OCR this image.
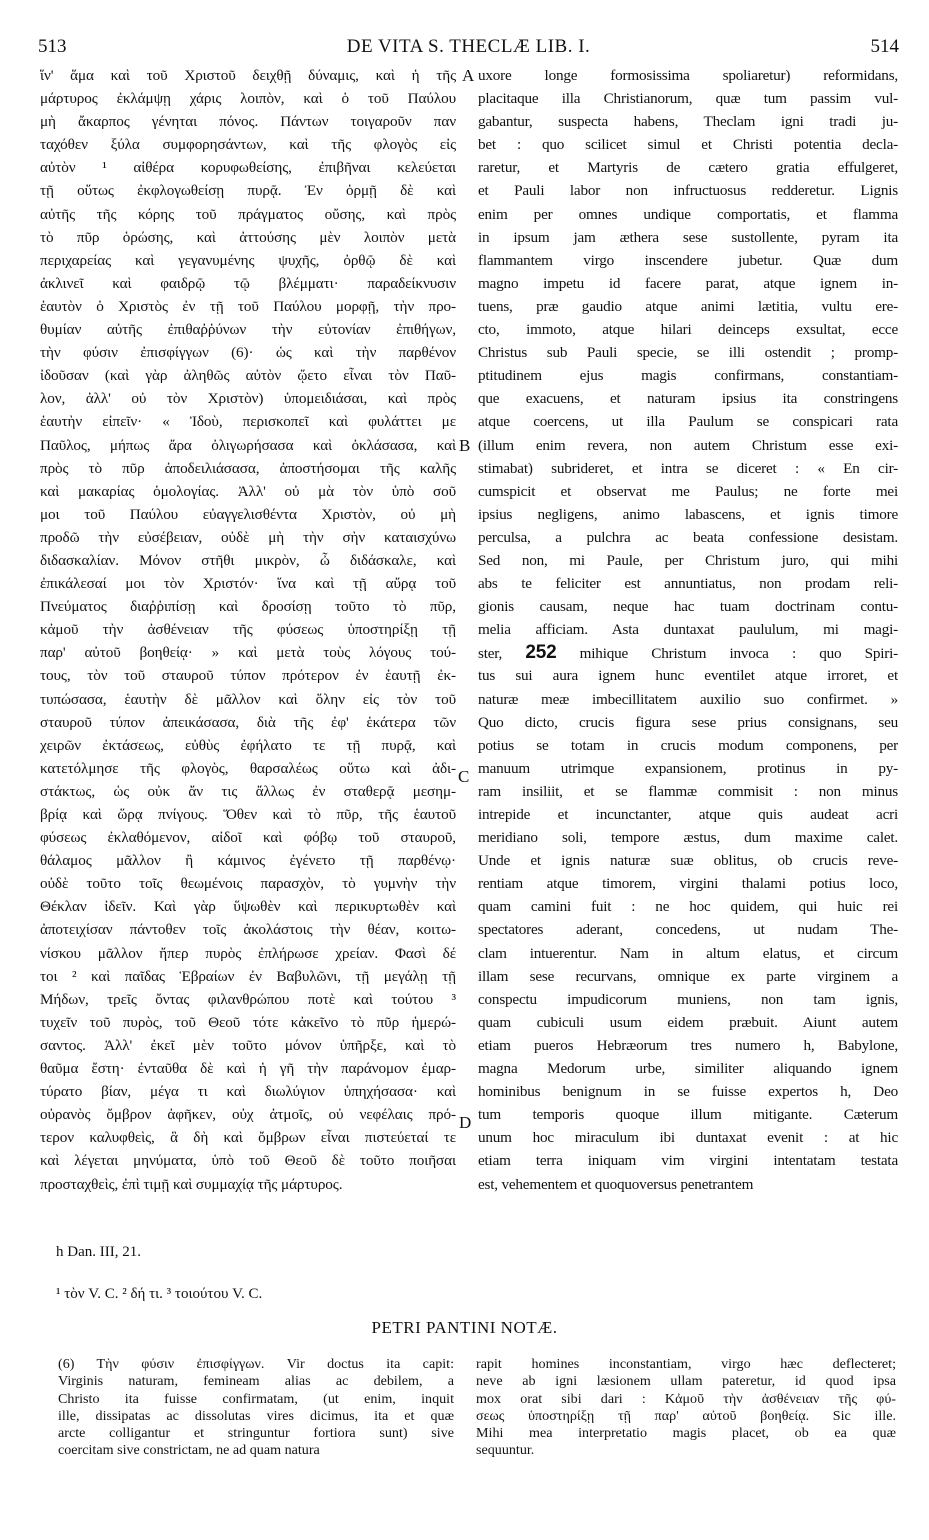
513	DE VITA S. THECLÆ LIB. I.	514
ἵν' ἅμα καὶ τοῦ Χριστοῦ δειχθῇ δύναμις, καὶ ἡ τῆς
μάρτυρος ἐκλάμψῃ χάρις λοιπὸν, καὶ ὁ τοῦ Παύλου
μὴ ἄκαρπος γένηται πόνος. Πάντων τοιγαροῦν παν
ταχόθεν ξύλα συμφορησάντων, καὶ τῆς φλογὸς εἰς
αὐτὸν ¹ αἰθέρα κορυφωθείσης, ἐπιβῆναι κελεύεται
τῇ οὕτως ἐκφλογωθείσῃ πυρᾷ. Ἐν ὁρμῇ δὲ καὶ
αὐτῆς τῆς κόρης τοῦ πράγματος οὔσης, καὶ πρὸς
τὸ πῦρ ὁρώσης, καὶ ἀττούσης μὲν λοιπὸν μετὰ
περιχαρείας καὶ γεγανυμένης ψυχῆς, ὀρθῷ δὲ καὶ
ἀκλινεῖ καὶ φαιδρῷ τῷ βλέμματι· παραδείκνυσιν
ἑαυτὸν ὁ Χριστὸς ἐν τῇ τοῦ Παύλου μορφῇ, τὴν προ-
θυμίαν αὐτῆς ἐπιθαῤῥύνων τὴν εὐτονίαν ἐπιθήγων,
τὴν φύσιν ἐπισφίγγων (6)· ὡς καὶ τὴν παρθένον
ἰδοῦσαν (καὶ γὰρ ἀληθῶς αὐτὸν ᾤετο εἶναι τὸν Παῦ-
λον, ἀλλ' οὐ τὸν Χριστὸν) ὑπομειδιάσαι, καὶ πρὸς
ἑαυτὴν εἰπεῖν· « Ἰδοὺ, περισκοπεῖ καὶ φυλάττει με
Παῦλος, μήπως ἄρα ὀλιγωρήσασα καὶ ὀκλάσασα, καὶ
πρὸς τὸ πῦρ ἀποδειλιάσασα, ἀποστήσομαι τῆς καλῆς
καὶ μακαρίας ὁμολογίας. Ἀλλ' οὐ μὰ τὸν ὑπὸ σοῦ
μοι τοῦ Παύλου εὐαγγελισθέντα Χριστὸν, οὐ μὴ
προδῶ τὴν εὐσέβειαν, οὐδὲ μὴ τὴν σὴν καταισχύνω
διδασκαλίαν. Μόνον στῆθι μικρὸν, ὦ διδάσκαλε, καὶ
ἐπικάλεσαί μοι τὸν Χριστόν· ἵνα καὶ τῇ αὔρᾳ τοῦ
Πνεύματος διαῤῥιπίσῃ καὶ δροσίσῃ τοῦτο τὸ πῦρ,
κἀμοῦ τὴν ἀσθένειαν τῆς φύσεως ὑποστηρίξῃ τῇ
παρ' αὐτοῦ βοηθείᾳ· » καὶ μετὰ τοὺς λόγους τού-
τους, τὸν τοῦ σταυροῦ τύπον πρότερον ἐν ἑαυτῇ ἐκ-
τυπώσασα, ἑαυτὴν δὲ μᾶλλον καὶ ὅλην εἰς τὸν τοῦ
σταυροῦ τύπον ἀπεικάσασα, διὰ τῆς ἐφ' ἑκάτερα τῶν
χειρῶν ἐκτάσεως, εὐθὺς ἐφήλατο τε τῇ πυρᾷ, καὶ
κατετόλμησε τῆς φλογὸς, θαρσαλέως οὕτω καὶ ἀδι-
στάκτως, ὡς οὐκ ἄν τις ἄλλως ἐν σταθερᾷ μεσημ-
βρίᾳ καὶ ὥρᾳ πνίγους. Ὅθεν καὶ τὸ πῦρ, τῆς ἑαυτοῦ
φύσεως ἐκλαθόμενον, αἰδοῖ καὶ φόβῳ τοῦ σταυροῦ,
θάλαμος μᾶλλον ἢ κάμινος ἐγένετο τῇ παρθένῳ·
οὐδὲ τοῦτο τοῖς θεωμένοις παρασχὸν, τὸ γυμνὴν τὴν
Θέκλαν ἰδεῖν. Καὶ γὰρ ὕψωθὲν καὶ περικυρτωθὲν καὶ
ἀποτειχίσαν πάντοθεν τοῖς ἀκολάστοις τὴν θέαν, κοιτω-
νίσκου μᾶλλον ἤπερ πυρὸς ἐπλήρωσε χρείαν. Φασὶ δέ
τοι ² καὶ παῖδας Ἑβραίων ἐν Βαβυλῶνι, τῇ μεγάλῃ τῇ
Μήδων, τρεῖς ὄντας φιλανθρώπου ποτὲ καὶ τούτου ³
τυχεῖν τοῦ πυρὸς, τοῦ Θεοῦ τότε κἀκεῖνο τὸ πῦρ ἡμερώ-
σαντος. Ἀλλ' ἐκεῖ μὲν τοῦτο μόνον ὑπῆρξε, καὶ τὸ
θαῦμα ἔστη· ἐνταῦθα δὲ καὶ ἡ γῆ τὴν παράνομον ἐμαρ-
τύρατο βίαν, μέγα τι καὶ διωλύγιον ὑπηχήσασα· καὶ
οὐρανὸς ὄμβρον ἀφῆκεν, οὐχ ἀτμοῖς, οὐ νεφέλαις πρό-
τερον καλυφθεὶς, ἃ δὴ καὶ ὄμβρων εἶναι πιστεύεταί τε
καὶ λέγεται μηνύματα, ὑπὸ τοῦ Θεοῦ δὲ τοῦτο ποιῆσαι
προσταχθεὶς, ἐπὶ τιμῇ καὶ συμμαχίᾳ τῆς μάρτυρος.
uxore longe formosissima spoliaretur) reformidans,
placitaque illa Christianorum, quæ tum passim vul-
gabantur, suspecta habens, Theclam igni tradi ju-
bet : quo scilicet simul et Christi potentia decla-
raretur, et Martyris de cætero gratia effulgeret,
et Pauli labor non infructuosus redderetur. Lignis
enim per omnes undique comportatis, et flamma
in ipsum jam æthera sese sustollente, pyram ita
flammantem virgo inscendere jubetur. Quæ dum
magno impetu id facere parat, atque ignem in-
tuens, præ gaudio atque animi lætitia, vultu ere-
cto, immoto, atque hilari deinceps exsultat, ecce
Christus sub Pauli specie, se illi ostendit ; promp-
ptitudinem ejus magis confirmans, constantiam-
que exacuens, et naturam ipsius ita constringens
atque coercens, ut illa Paulum se conspicari rata
(illum enim revera, non autem Christum esse exi-
stimabat) subrideret, et intra se diceret : « En cir-
cumspicit et observat me Paulus; ne forte mei
ipsius negligens, animo labascens, et ignis timore
perculsa, a pulchra ac beata confessione desistam.
Sed non, mi Paule, per Christum juro, qui mihi
abs te feliciter est annuntiatus, non prodam reli-
gionis causam, neque hac tuam doctrinam contu-
melia afficiam. Asta duntaxat paululum, mi magi-
ster, 252 mihique Christum invoca : quo Spiri-
tus sui aura ignem hunc eventilet atque irroret, et
naturæ meæ imbecillitatem auxilio suo confirmet. »
Quo dicto, crucis figura sese prius consignans, seu
potius se totam in crucis modum componens, per
manuum utrimque expansionem, protinus in py-
ram insiliit, et se flammæ commisit : non minus
intrepide et incunctanter, atque quis audeat acri
meridiano soli, tempore æstus, dum maxime calet.
Unde et ignis naturæ suæ oblitus, ob crucis reve-
rentiam atque timorem, virgini thalami potius loco,
quam camini fuit : ne hoc quidem, qui huic rei
spectatores aderant, concedens, ut nudam The-
clam intuerentur. Nam in altum elatus, et circum
illam sese recurvans, omnique ex parte virginem a
conspectu impudicorum muniens, non tam ignis,
quam cubiculi usum eidem præbuit. Aiunt autem
etiam pueros Hebræorum tres numero h, Babylone,
magna Medorum urbe, similiter aliquando ignem
hominibus benignum in se fuisse expertos h, Deo
tum temporis quoque illum mitigante. Cæterum
unum hoc miraculum ibi duntaxat evenit : at hic
etiam terra iniquam vim virgini intentatam testata
est, vehementem et quoquoversus penetrantem
A
B
C
D
h Dan. III, 21.
¹ τὸν V. C. ² δή τι. ³ τοιούτου V. C.
PETRI PANTINI NOTÆ.
(6) Τὴν φύσιν ἐπισφίγγων. Vir doctus ita capit:
Virginis naturam, femineam alias ac debilem, a
Christo ita fuisse confirmatam, (ut enim, inquit
ille, dissipatas ac dissolutas vires dicimus, ita et quæ
arcte colligantur et stringuntur fortiora sunt) sive
coercitam sive constrictam, ne ad quam natura
rapit homines inconstantiam, virgo hæc deflecteret;
neve ab igni læsionem ullam pateretur, id quod ipsa
mox orat sibi dari : Κἀμοῦ τὴν ἀσθένειαν τῆς φύ-
σεως ὑποστηρίξῃ τῇ παρ' αὐτοῦ βοηθείᾳ. Sic ille.
Mihi mea interpretatio magis placet, ob ea quæ
sequuntur.
